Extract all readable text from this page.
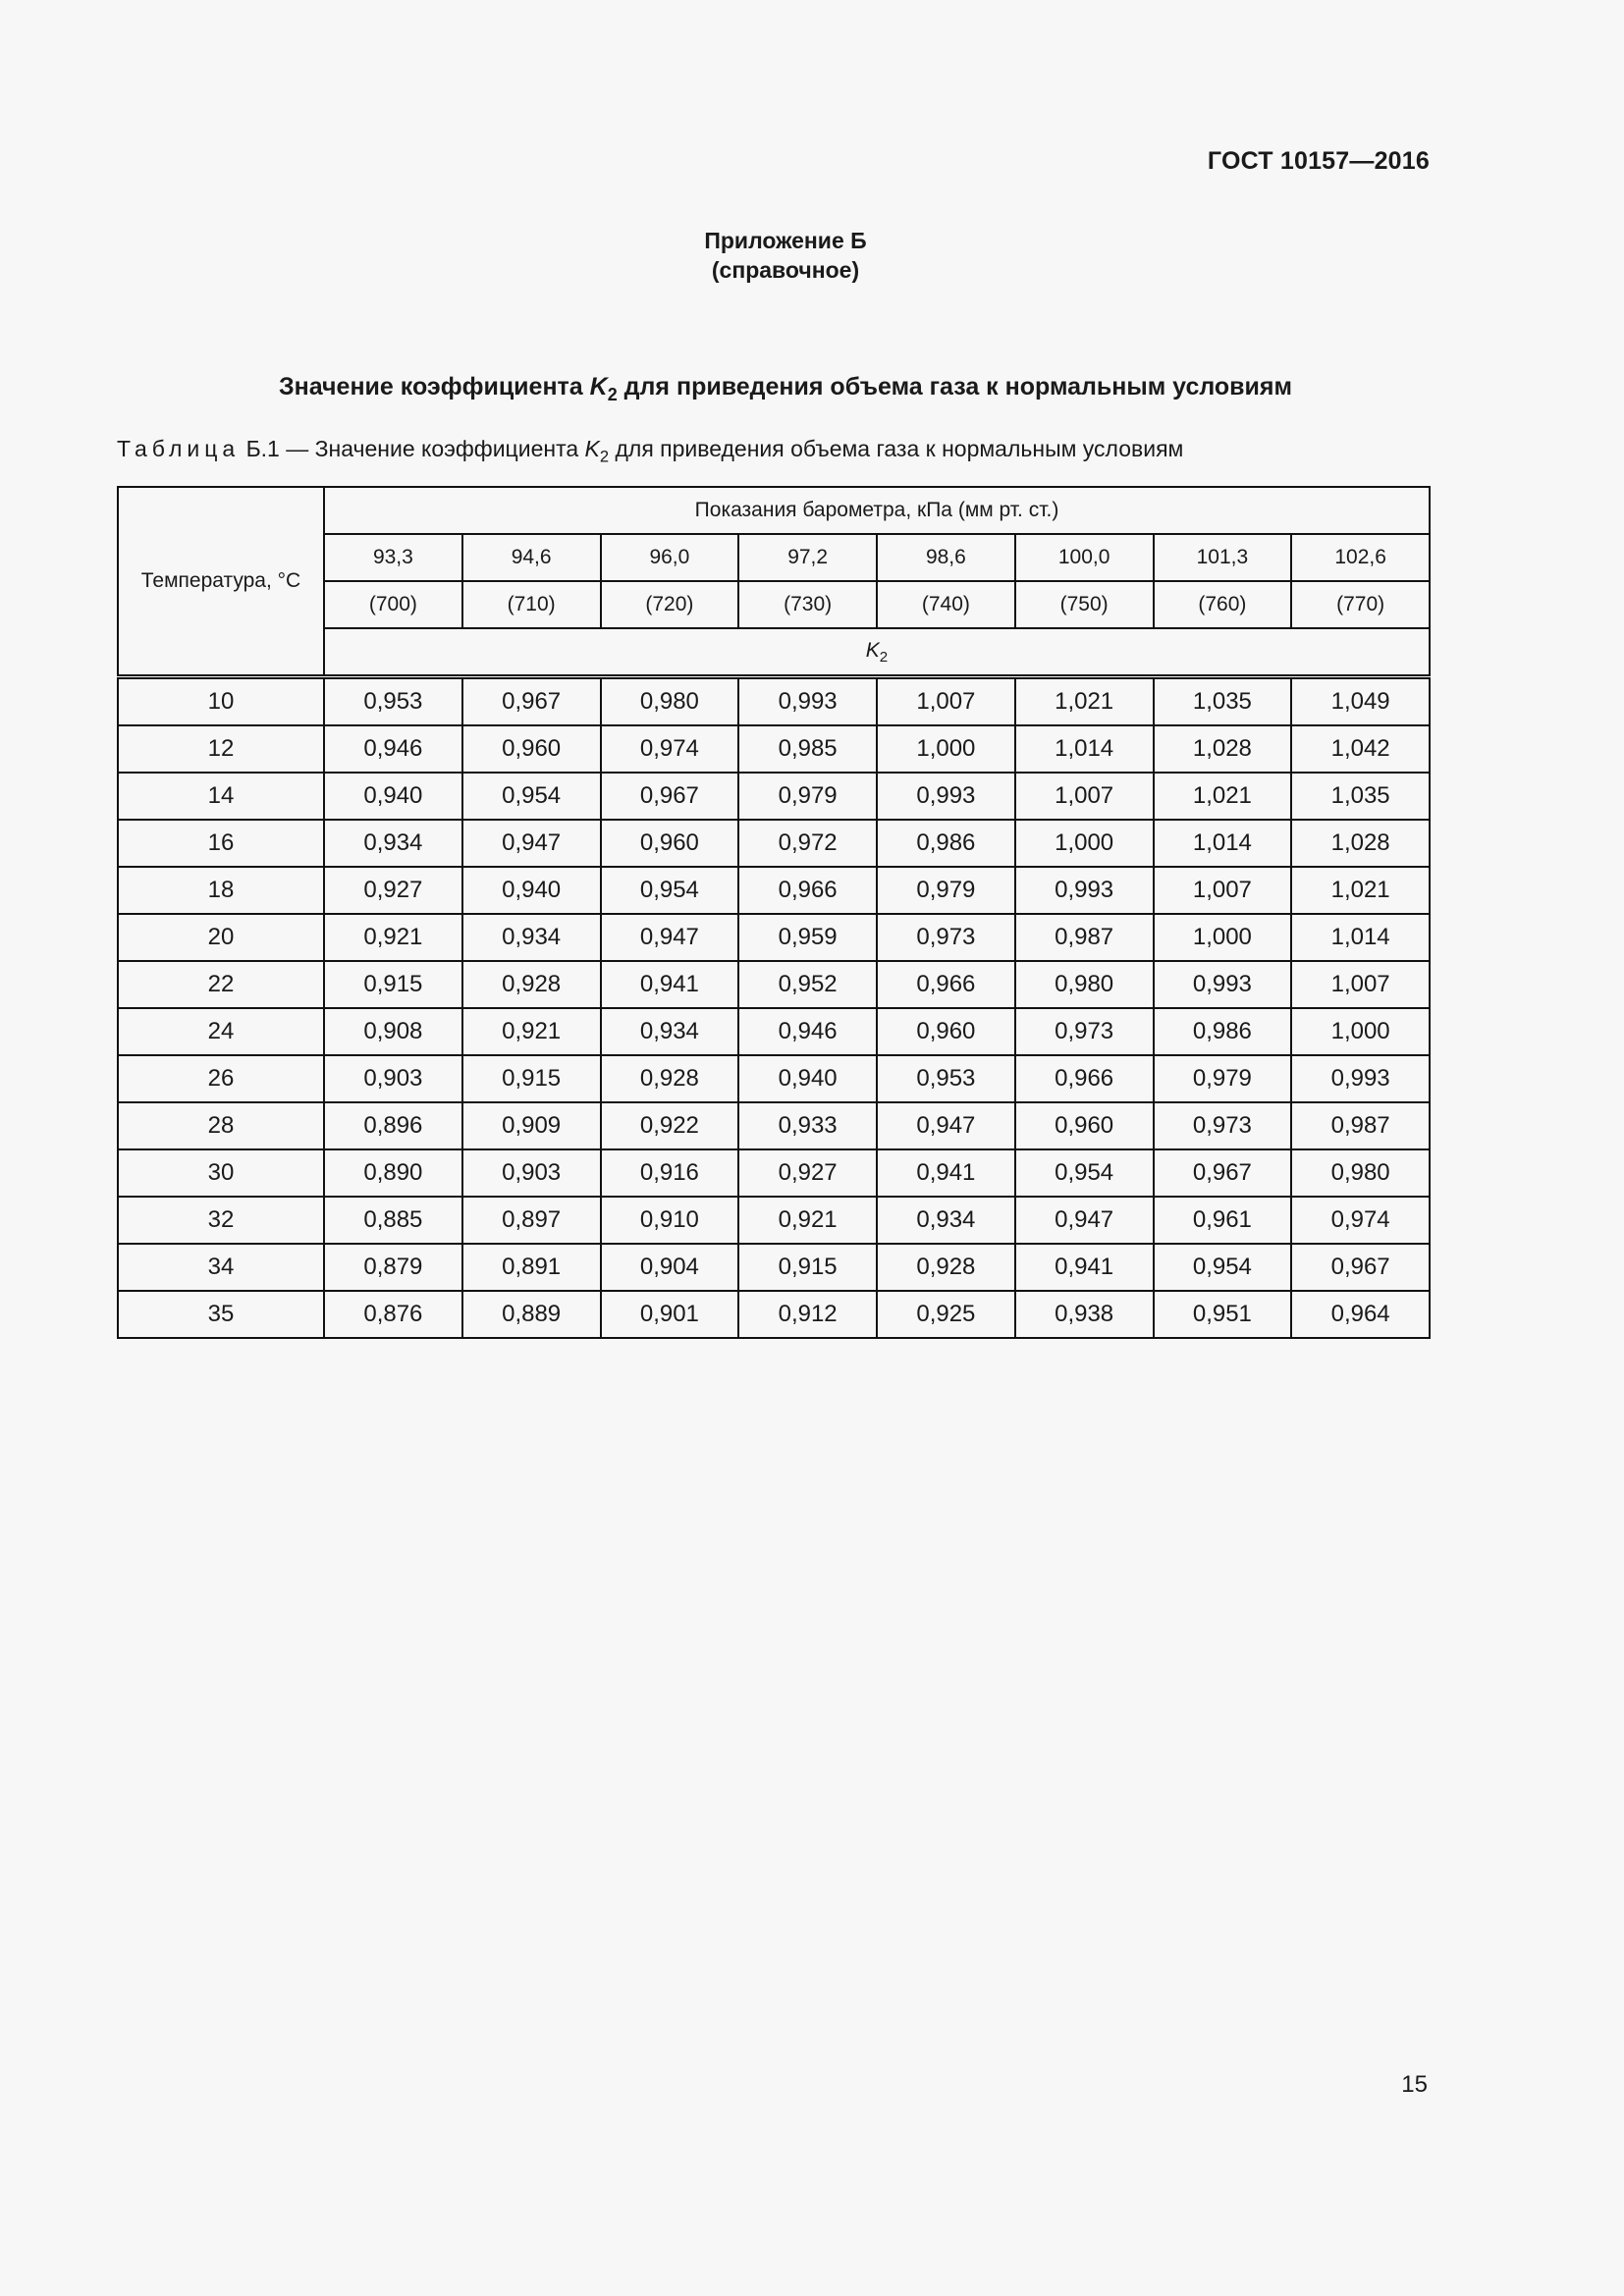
ГОСТ 10157—2016
Приложение Б
(справочное)
Значение коэффициента $K_2$ для приведения объема газа к нормальным условиям
Таблица Б.1 — Значение коэффициента $K_2$ для приведения объема газа к нормальным условиям
Температура, °С	Показания барометра, кПа (мм рт. ст.)							
	93,3	94,6	96,0	97,2	98,6	100,0	101,3	102,6
	(700)	(710)	(720)	(730)	(740)	(750)	(760)	(770)
	$K_2$
10	0,953	0,967	0,980	0,993	1,007	1,021	1,035	1,049
12	0,946	0,960	0,974	0,985	1,000	1,014	1,028	1,042
14	0,940	0,954	0,967	0,979	0,993	1,007	1,021	1,035
16	0,934	0,947	0,960	0,972	0,986	1,000	1,014	1,028
18	0,927	0,940	0,954	0,966	0,979	0,993	1,007	1,021
20	0,921	0,934	0,947	0,959	0,973	0,987	1,000	1,014
22	0,915	0,928	0,941	0,952	0,966	0,980	0,993	1,007
24	0,908	0,921	0,934	0,946	0,960	0,973	0,986	1,000
26	0,903	0,915	0,928	0,940	0,953	0,966	0,979	0,993
28	0,896	0,909	0,922	0,933	0,947	0,960	0,973	0,987
30	0,890	0,903	0,916	0,927	0,941	0,954	0,967	0,980
32	0,885	0,897	0,910	0,921	0,934	0,947	0,961	0,974
34	0,879	0,891	0,904	0,915	0,928	0,941	0,954	0,967
35	0,876	0,889	0,901	0,912	0,925	0,938	0,951	0,964
15
